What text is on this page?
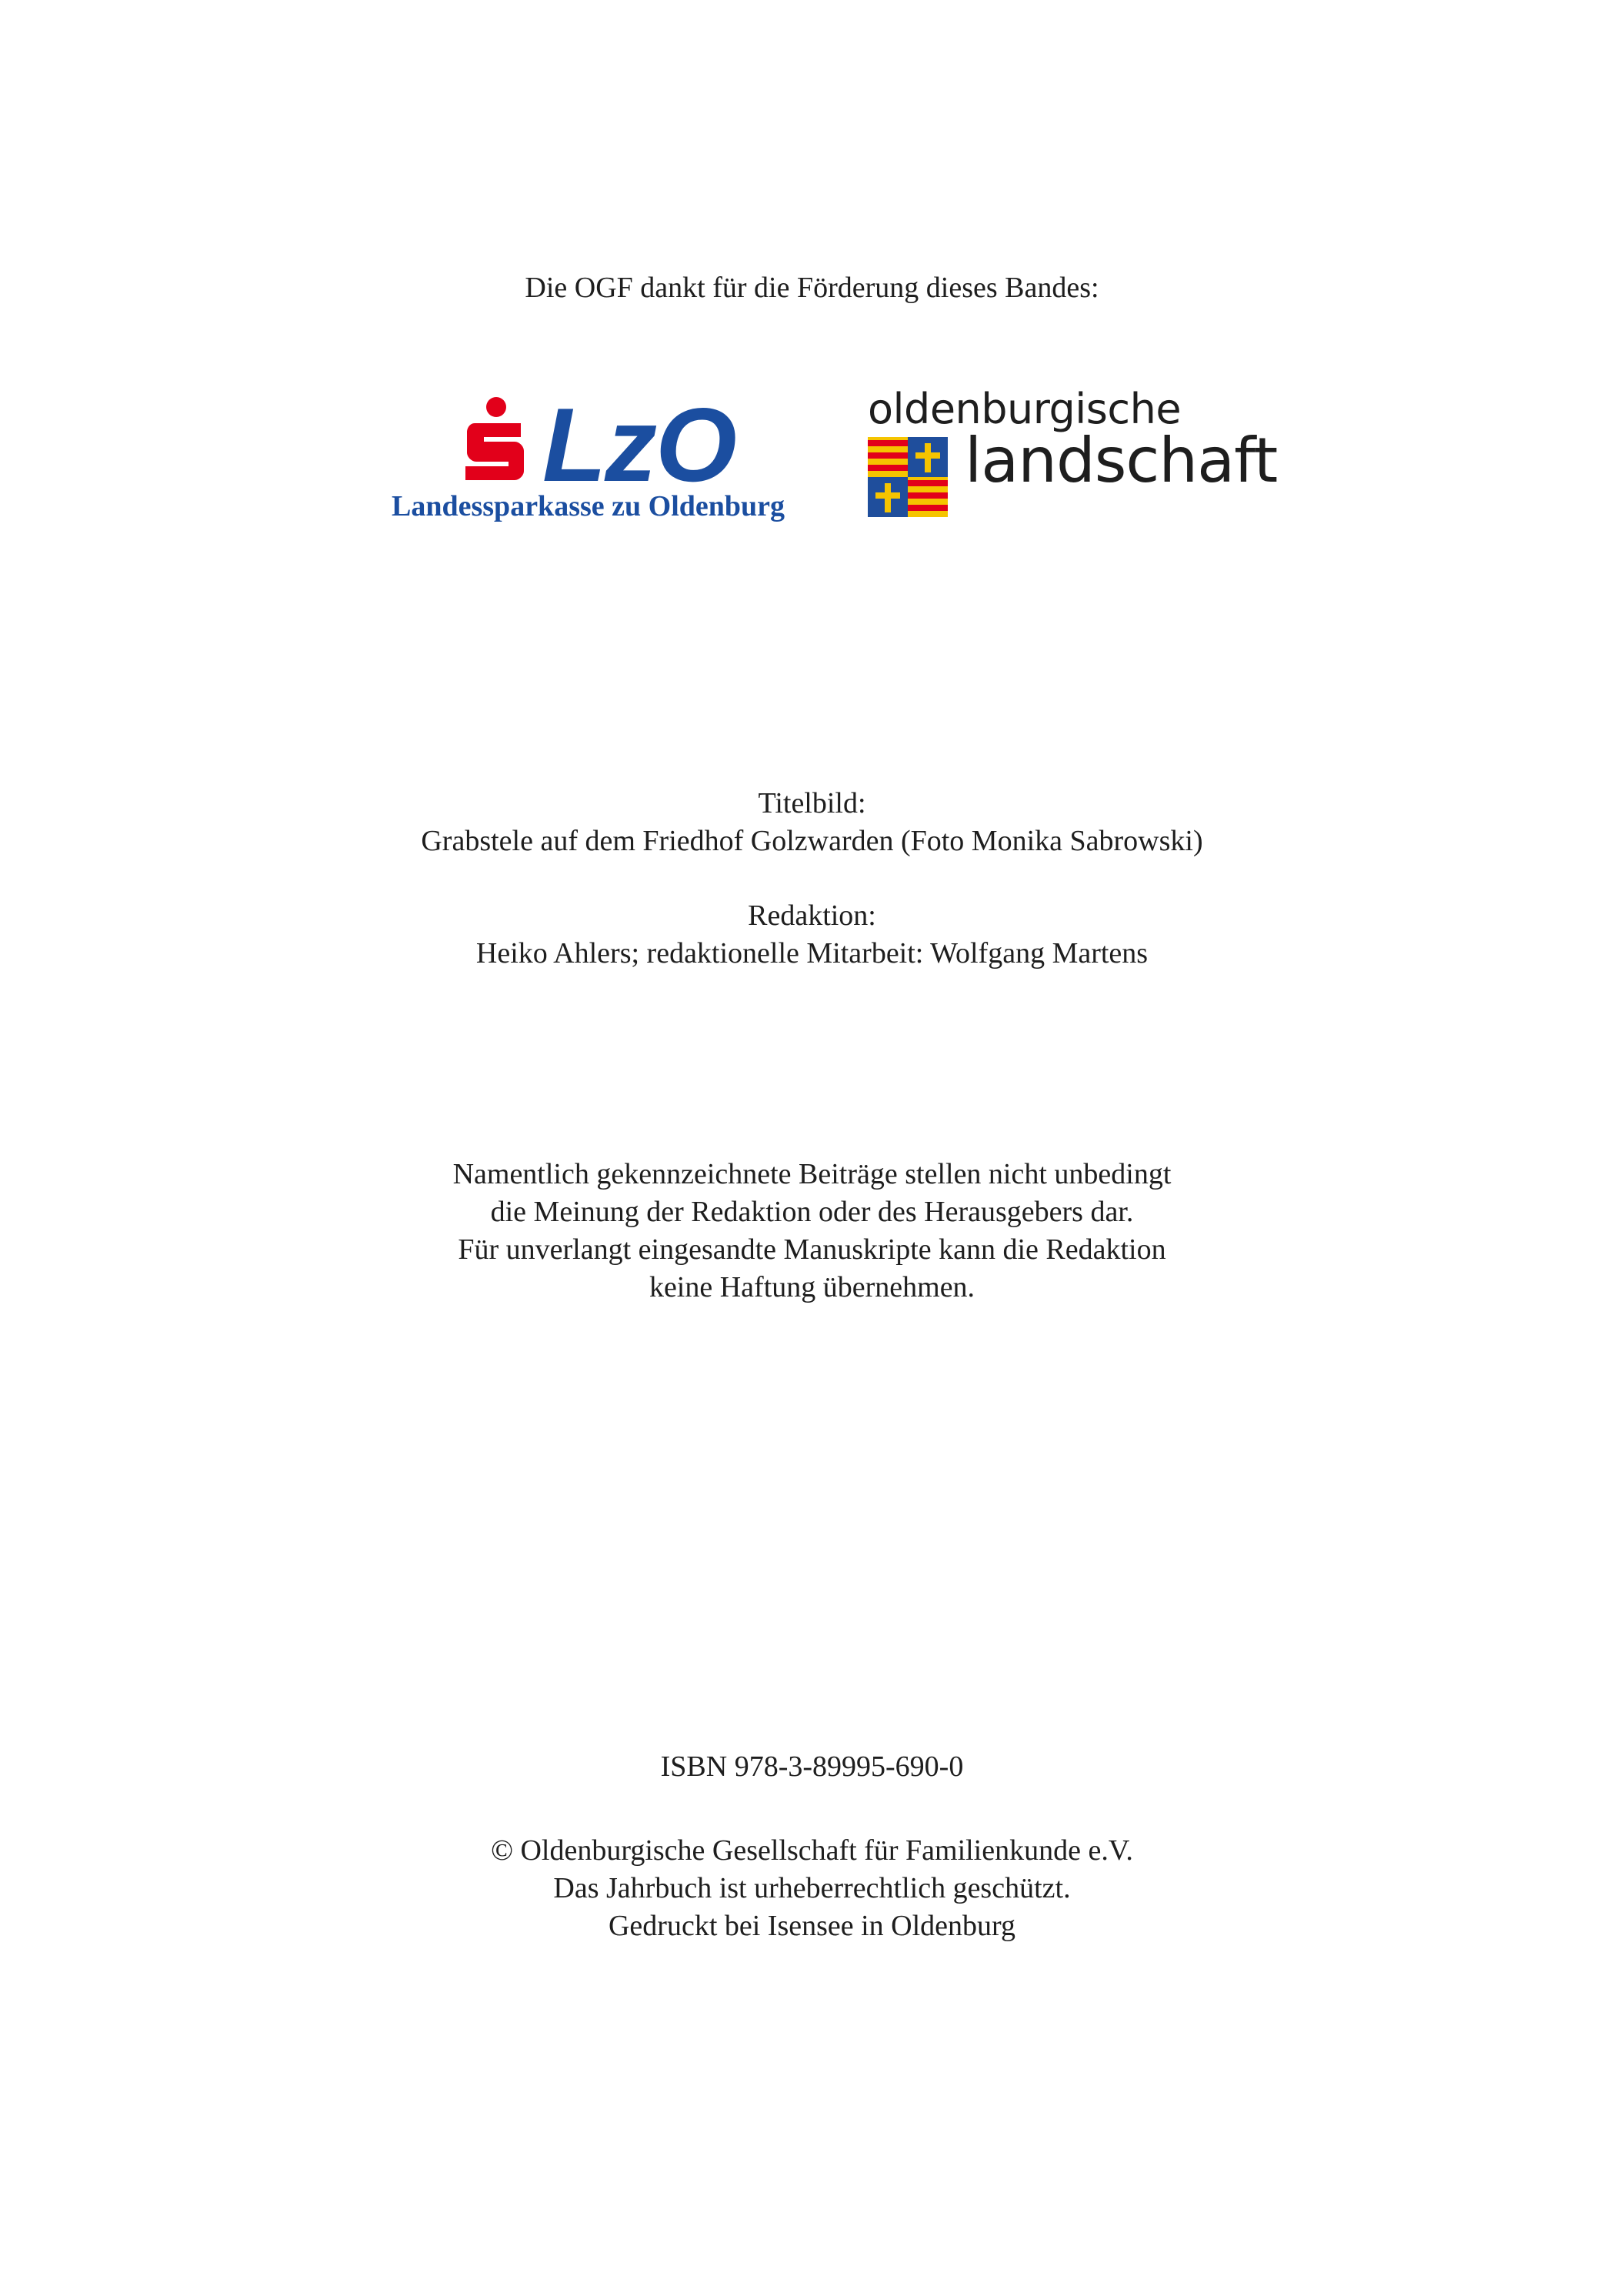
Die OGF dankt für die Förderung dieses Bandes:
LzO
Landessparkasse zu Oldenburg
oldenburgische
landschaft
Titelbild:
Grabstele auf dem Friedhof Golzwarden (Foto Monika Sabrowski)
Redaktion:
Heiko Ahlers; redaktionelle Mitarbeit: Wolfgang Martens
Namentlich gekennzeichnete Beiträge stellen nicht unbedingt
die Meinung der Redaktion oder des Herausgebers dar.
Für unverlangt eingesandte Manuskripte kann die Redaktion
keine Haftung übernehmen.
ISBN 978-3-89995-690-0
© Oldenburgische Gesellschaft für Familienkunde e.V.
Das Jahrbuch ist urheberrechtlich geschützt.
Gedruckt bei Isensee in Oldenburg
